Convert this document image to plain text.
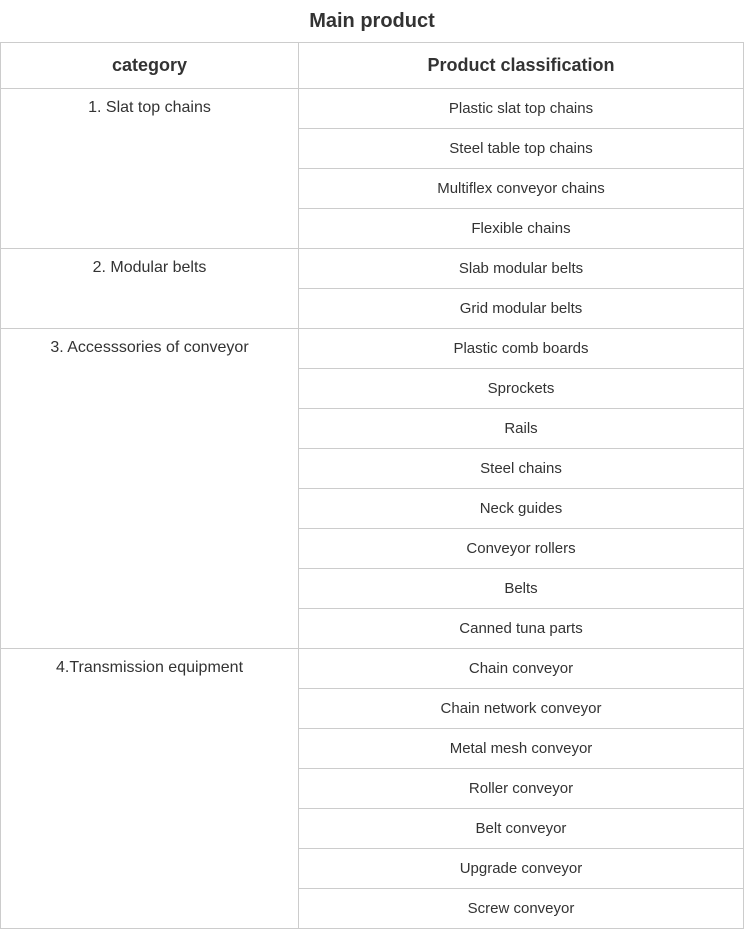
Main product
category	Product classification
1. Slat top chains	Plastic slat top chains
	Steel table top chains
	Multiflex conveyor chains
	Flexible chains
2. Modular belts	Slab modular belts
	Grid modular belts
3. Accesssories of conveyor	Plastic comb boards
	Sprockets
	Rails
	Steel chains
	Neck guides
	Conveyor rollers
	Belts
	Canned tuna parts
4.Transmission equipment	Chain conveyor
	Chain network conveyor
	Metal mesh conveyor
	Roller conveyor
	Belt conveyor
	Upgrade conveyor
	Screw conveyor
